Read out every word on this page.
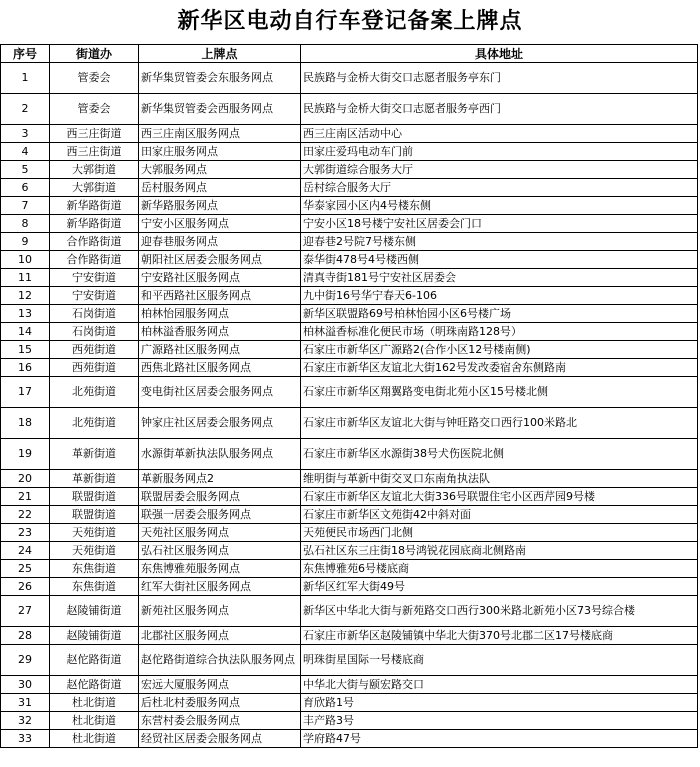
新华区电动自行车登记备案上牌点
序号	街道办	上牌点	具体地址
1	管委会	新华集贸管委会东服务网点	民族路与金桥大街交口志愿者服务亭东门
2	管委会	新华集贸管委会西服务网点	民族路与金桥大街交口志愿者服务亭西门
3	西三庄街道	西三庄南区服务网点	西三庄南区活动中心
4	西三庄街道	田家庄服务网点	田家庄爱玛电动车门前
5	大郭街道	大郭服务网点	大郭街道综合服务大厅
6	大郭街道	岳村服务网点	岳村综合服务大厅
7	新华路街道	新华路服务网点	华泰家园小区内4号楼东侧
8	新华路街道	宁安小区服务网点	宁安小区18号楼宁安社区居委会门口
9	合作路街道	迎春巷服务网点	迎春巷2号院7号楼东侧
10	合作路街道	朝阳社区居委会服务网点	泰华街478号4号楼西侧
11	宁安街道	宁安路社区服务网点	清真寺街181号宁安社区居委会
12	宁安街道	和平西路社区服务网点	九中街16号华宁春天6-106
13	石岗街道	柏林怡园服务网点	新华区联盟路69号柏林怡园小区6号楼广场
14	石岗街道	柏林溢香服务网点	柏林溢香标准化便民市场（明珠南路128号）
15	西苑街道	广源路社区服务网点	石家庄市新华区广源路2(合作小区12号楼南侧)
16	西苑街道	西焦北路社区服务网点	石家庄市新华区友谊北大街162号发改委宿舍东侧路南
17	北苑街道	变电街社区居委会服务网点	石家庄市新华区翔翼路变电街北苑小区15号楼北侧
18	北苑街道	钟家庄社区居委会服务网点	石家庄市新华区友谊北大街与钟旺路交口西行100米路北
19	革新街道	水源街革新执法队服务网点	石家庄市新华区水源街38号犬伤医院北侧
20	革新街道	革新服务网点2	维明街与革新中街交叉口东南角执法队
21	联盟街道	联盟居委会服务网点	石家庄市新华区友谊北大街336号联盟住宅小区西芹园9号楼
22	联盟街道	联强一居委会服务网点	石家庄市新华区文苑街42中斜对面
23	天苑街道	天苑社区服务网点	天苑便民市场西门北侧
24	天苑街道	弘石社区服务网点	弘石社区东三庄街18号鸿锐花园底商北侧路南
25	东焦街道	东焦博雅苑服务网点	东焦博雅苑6号楼底商
26	东焦街道	红军大街社区服务网点	新华区红军大街49号
27	赵陵铺街道	新苑社区服务网点	新华区中华北大街与新苑路交口西行300米路北新苑小区73号综合楼
28	赵陵铺街道	北郡社区服务网点	石家庄市新华区赵陵铺镇中华北大街370号北郡二区17号楼底商
29	赵佗路街道	赵佗路街道综合执法队服务网点	明珠街星国际一号楼底商
30	赵佗路街道	宏远大厦服务网点	中华北大街与颐宏路交口
31	杜北街道	后杜北村委服务网点	育欣路1号
32	杜北街道	东营村委会服务网点	丰产路3号
33	杜北街道	经贸社区居委会服务网点	学府路47号
